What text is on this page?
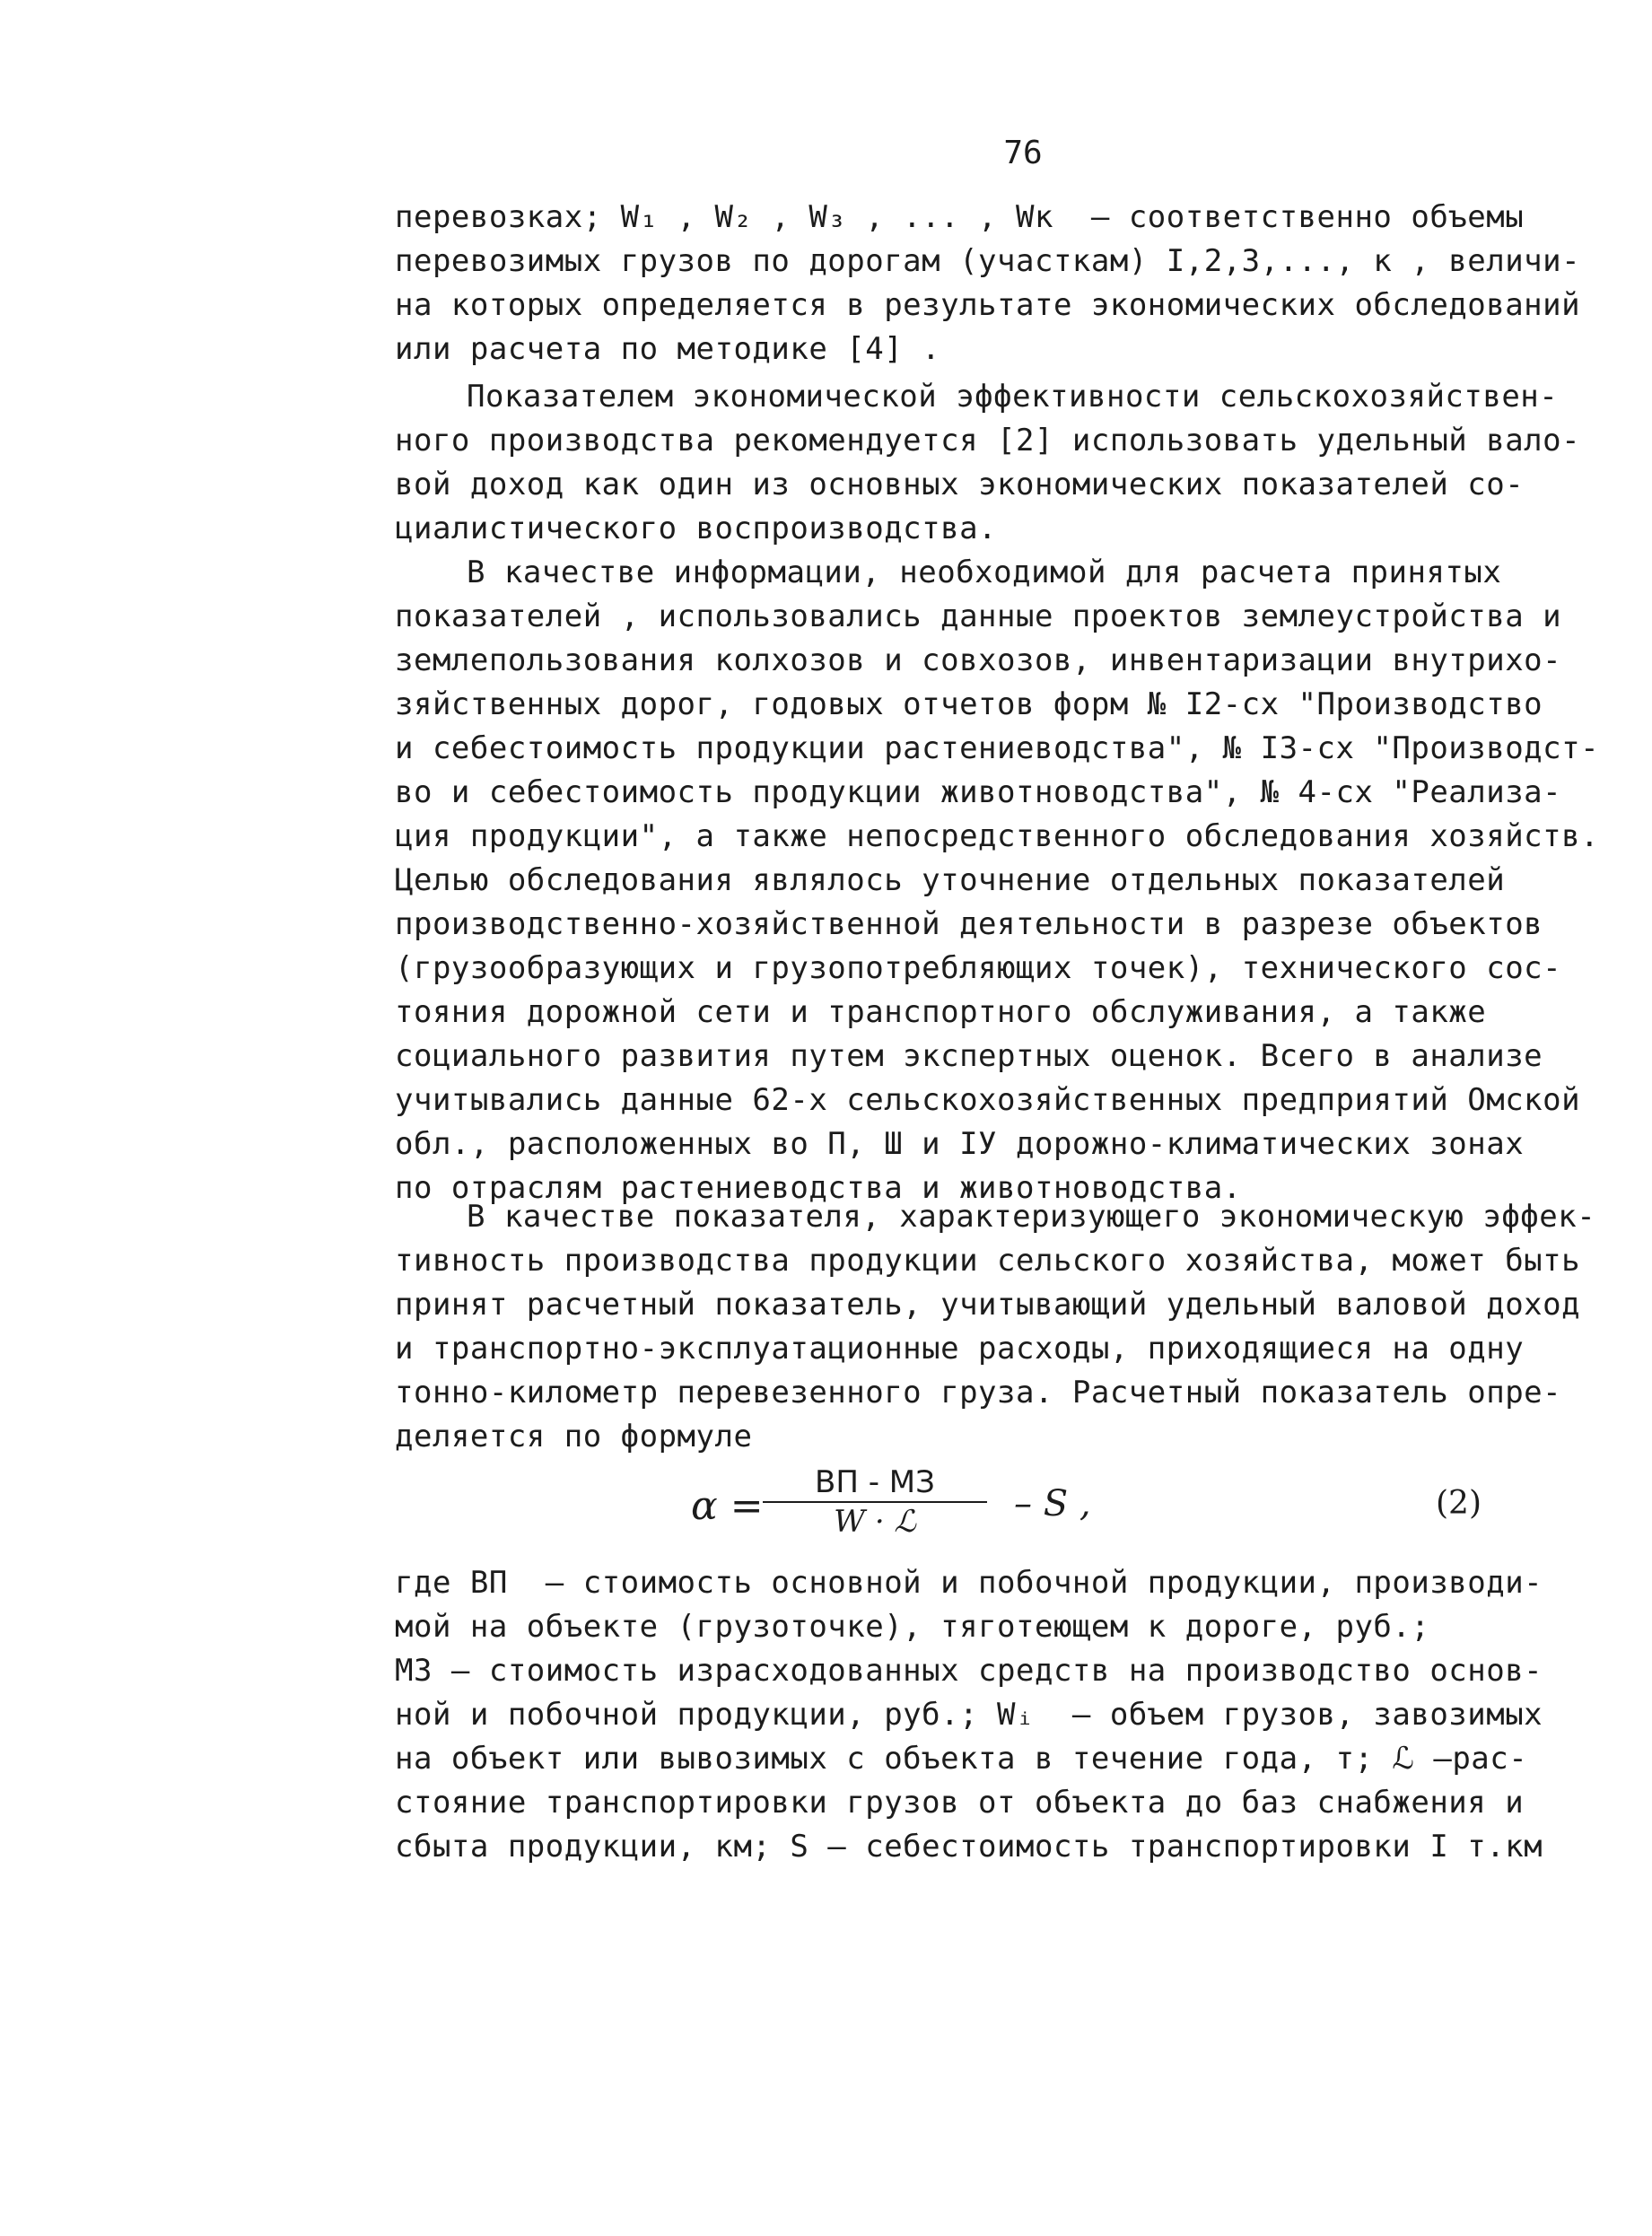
76
перевозках; W₁ , W₂ , W₃ , ... , Wк  – соответственно объемы
перевозимых грузов по дорогам (участкам) I,2,3,..., к , величи-
на которых определяется в результате экономических обследований
или расчета по методике [4] .
Показателем экономической эффективности сельскохозяйствен-
ного производства рекомендуется [2] использовать удельный вало-
вой доход как один из основных экономических показателей со-
циалистического воспроизводства.
В качестве информации, необходимой для расчета принятых
показателей , использовались данные проектов землеустройства и
землепользования колхозов и совхозов, инвентаризации внутрихо-
зяйственных дорог, годовых отчетов форм № I2-сх "Производство
и себестоимость продукции растениеводства", № I3-сх "Производст-
во и себестоимость продукции животноводства", № 4-сх "Реализа-
ция продукции", а также непосредственного обследования хозяйств.
Целью обследования являлось уточнение отдельных показателей
производственно-хозяйственной деятельности в разрезе объектов
(грузообразующих и грузопотребляющих точек), технического сос-
тояния дорожной сети и транспортного обслуживания, а также
социального развития путем экспертных оценок. Всего в анализе
учитывались данные 62-х сельскохозяйственных предприятий Омской
обл., расположенных во П, Ш и IУ дорожно-климатических зонах
по отраслям растениеводства и животноводства.
В качестве показателя, характеризующего экономическую эффек-
тивность производства продукции сельского хозяйства, может быть
принят расчетный показатель, учитывающий удельный валовой доход
и транспортно-эксплуатационные расходы, приходящиеся на одну
тонно-километр перевезенного груза. Расчетный показатель опре-
деляется по формуле
α =
ВП - МЗ
W · ℒ	– S ,	(2)
где ВП  – стоимость основной и побочной продукции, производи-
мой на объекте (грузоточке), тяготеющем к дороге, руб.;
МЗ – стоимость израсходованных средств на производство основ-
ной и побочной продукции, руб.; Wᵢ  – объем грузов, завозимых
на объект или вывозимых с объекта в течение года, т; ℒ –рас-
стояние транспортировки грузов от объекта до баз снабжения и
сбыта продукции, км; S – себестоимость транспортировки I т.км
